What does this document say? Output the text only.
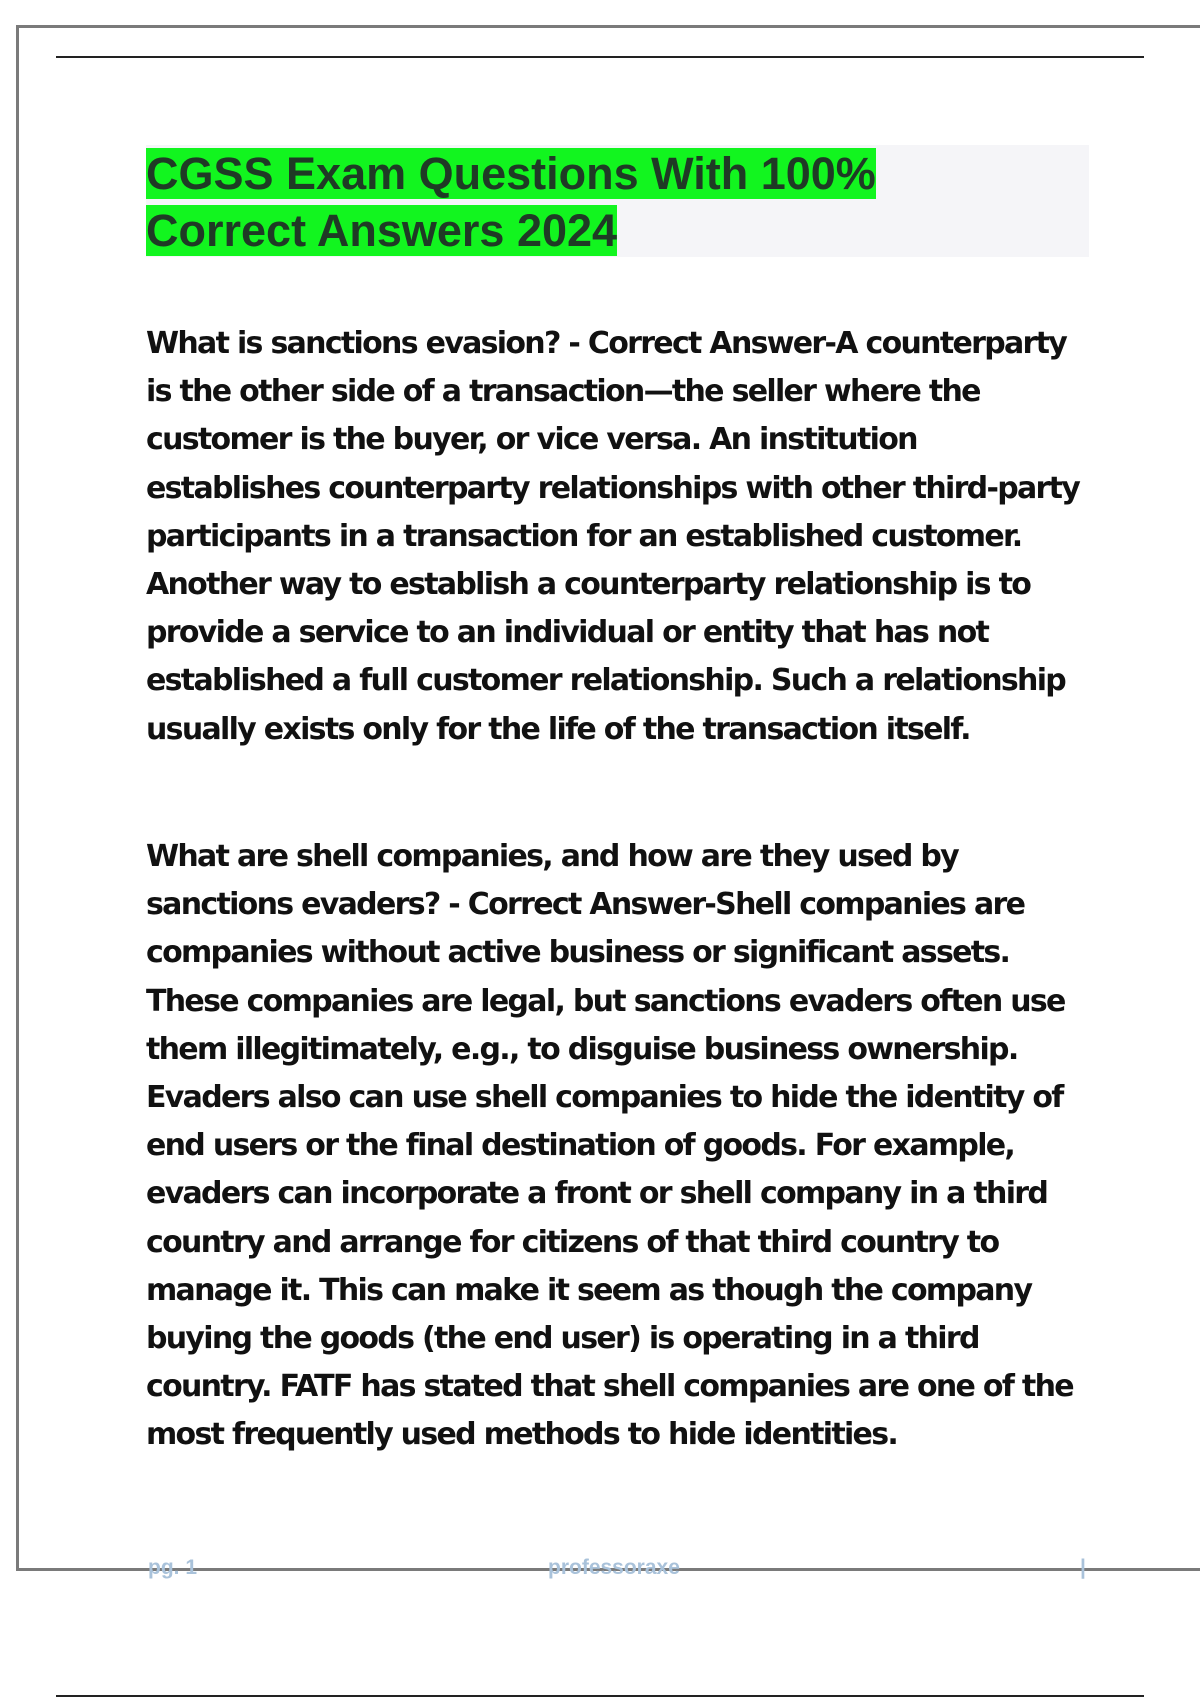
CGSS Exam Questions With 100%
Correct Answers 2024

What is sanctions evasion? - Correct Answer-A counterparty is the other side of a transaction—the seller where the customer is the buyer, or vice versa. An institution establishes counterparty relationships with other third-party participants in a transaction for an established customer. Another way to establish a counterparty relationship is to provide a service to an individual or entity that has not established a full customer relationship. Such a relationship usually exists only for the life of the transaction itself.

What are shell companies, and how are they used by sanctions evaders? - Correct Answer-Shell companies are companies without active business or significant assets. These companies are legal, but sanctions evaders often use them illegitimately, e.g., to disguise business ownership. Evaders also can use shell companies to hide the identity of end users or the final destination of goods. For example, evaders can incorporate a front or shell company in a third country and arrange for citizens of that third country to manage it. This can make it seem as though the company buying the goods (the end user) is operating in a third country. FATF has stated that shell companies are one of the most frequently used methods to hide identities.

pg. 1	professoraxe	|
